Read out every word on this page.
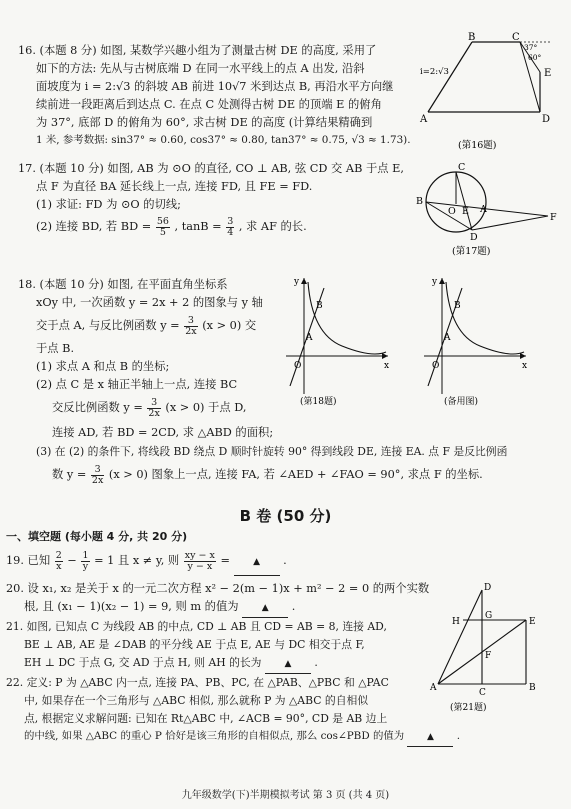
16. (本题 8 分) 如图, 某数学兴趣小组为了测量古树 DE 的高度, 采用了
如下的方法: 先从与古树底端 D 在同一水平线上的点 A 出发, 沿斜
面坡度为 i = 2:√3 的斜坡 AB 前进 10√7 米到达点 B, 再沿水平方向继
续前进一段距离后到达点 C. 在点 C 处测得古树 DE 的顶端 E 的俯角
为 37°, 底部 D 的俯角为 60°, 求古树 DE 的高度 (计算结果精确到
1 米, 参考数据: sin37° ≈ 0.60, cos37° ≈ 0.80, tan37° ≈ 0.75, √3 ≈ 1.73).
B	C
E
A	D
i=2:√3
37°
60°
(第16题)
17. (本题 10 分) 如图, AB 为 ⊙O 的直径, CO ⊥ AB, 弦 CD 交 AB 于点 E,
点 F 为直径 BA 延长线上一点, 连接 FD, 且 FE = FD.
(1) 求证: FD 为 ⊙O 的切线;
(2) 连接 BD, 若 BD = $\frac{56}{5}$ , $\tan B = \frac{3}{4}$ , 求 AF 的长.
C
B
O E A
D
F
(第17题)
18. (本题 10 分) 如图, 在平面直角坐标系
xOy 中, 一次函数 y = 2x + 2 的图象与 y 轴
交于点 A, 与反比例函数 $y = \frac{3}{2x} (x > 0)$ 交
于点 B.
(1) 求点 A 和点 B 的坐标;
(2) 点 C 是 x 轴正半轴上一点, 连接 BC
交反比例函数 $y = \frac{3}{2x} (x > 0)$ 于点 D,
连接 AD, 若 BD = 2CD, 求 △ABD 的面积;
(3) 在 (2) 的条件下, 将线段 BD 绕点 D 顺时针旋转 90° 得到线段 DE, 连接 EA. 点 F 是反比例函
数 $y = \frac{3}{2x} (x > 0)$ 图象上一点, 连接 FA, 若 ∠AED + ∠FAO = 90°, 求点 F 的坐标.
y
x
O
B
A
(第18题)
y
x
O
B
A
(备用图)
B 卷 (50 分)
一、填空题 (每小题 4 分, 共 20 分)
19. 已知 $\frac{2}{x} - \frac{1}{y} = 1$ 且 x ≠ y, 则 $\frac{xy - x}{y - x}$ =	▲ .
20. 设 x₁, x₂ 是关于 x 的一元二次方程 x² − 2(m − 1)x + m² − 2 = 0 的两个实数
根, 且 (x₁ − 1)(x₂ − 1) = 9, 则 m 的值为	▲ .
21. 如图, 已知点 C 为线段 AB 的中点, CD ⊥ AB 且 CD = AB = 8, 连接 AD,
BE ⊥ AB, AE 是 ∠DAB 的平分线 AE 于点 E, AE 与 DC 相交于点 F,
EH ⊥ DC 于点 G, 交 AD 于点 H, 则 AH 的长为	▲ .
D
H
G
E
F
A	C	B
(第21题)
22. 定义: P 为 △ABC 内一点, 连接 PA、PB、PC, 在 △PAB、△PBC 和 △PAC
中, 如果存在一个三角形与 △ABC 相似, 那么就称 P 为 △ABC 的自相似
点, 根据定义求解问题: 已知在 Rt△ABC 中, ∠ACB = 90°, CD 是 AB 边上
的中线, 如果 △ABC 的重心 P 恰好是该三角形的自相似点, 那么 cos∠PBD 的值为	▲ .
九年级数学(下)半期模拟考试 第 3 页 (共 4 页)
